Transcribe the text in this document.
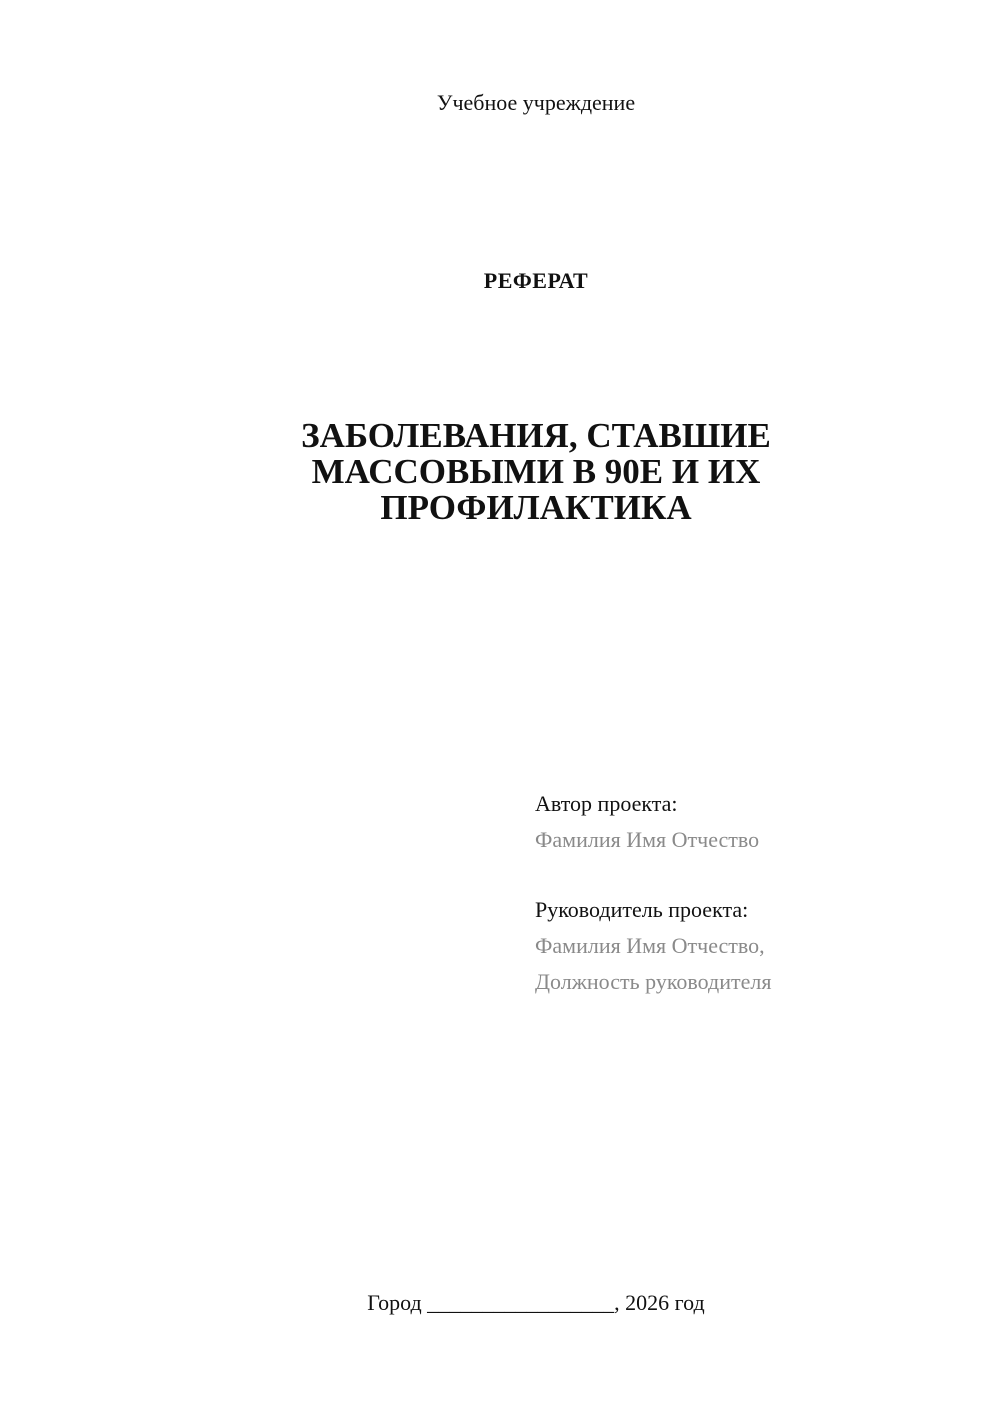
Учебное учреждение
РЕФЕРАТ
ЗАБОЛЕВАНИЯ, СТАВШИЕ
МАССОВЫМИ В 90Е И ИХ
ПРОФИЛАКТИКА
Автор проекта:
Фамилия Имя Отчество
Руководитель проекта:
Фамилия Имя Отчество,
Должность руководителя
Город _________________, 2026 год
